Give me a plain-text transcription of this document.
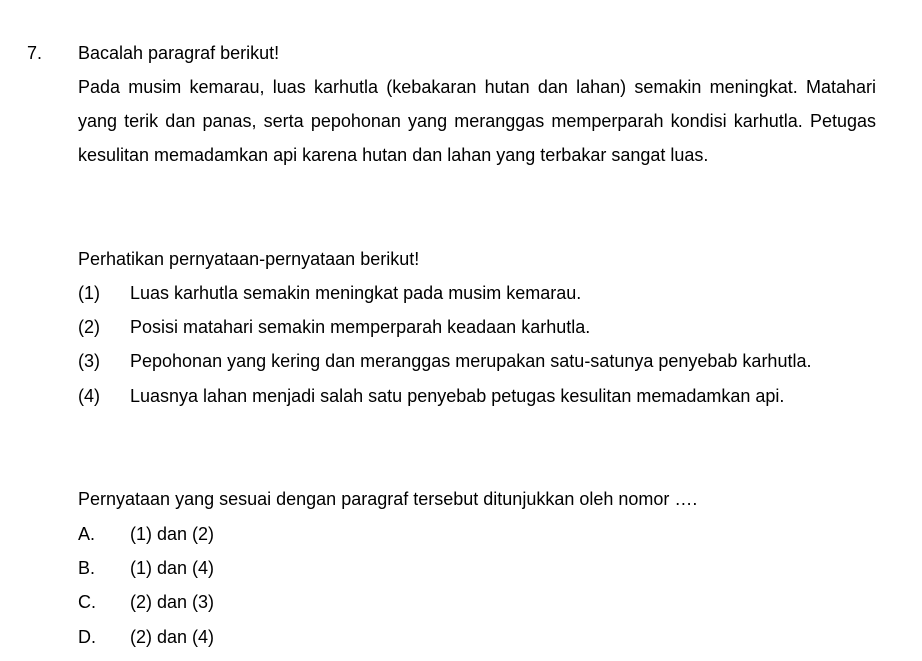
7. Bacalah paragraf berikut!
Pada musim kemarau, luas karhutla (kebakaran hutan dan lahan) semakin meningkat. Matahari yang terik dan panas, serta pepohonan yang meranggas memperparah kondisi karhutla. Petugas kesulitan memadamkan api karena hutan dan lahan yang terbakar sangat luas.
Perhatikan pernyataan-pernyataan berikut!
(1)	Luas karhutla semakin meningkat pada musim kemarau.
(2)	Posisi matahari semakin memperparah keadaan karhutla.
(3)	Pepohonan yang kering dan meranggas merupakan satu-satunya penyebab karhutla.
(4)	Luasnya lahan menjadi salah satu penyebab petugas kesulitan memadamkan api.
Pernyataan yang sesuai dengan paragraf tersebut ditunjukkan oleh nomor ….
A.	(1) dan (2)
B.	(1) dan (4)
C.	(2) dan (3)
D.	(2) dan (4)
